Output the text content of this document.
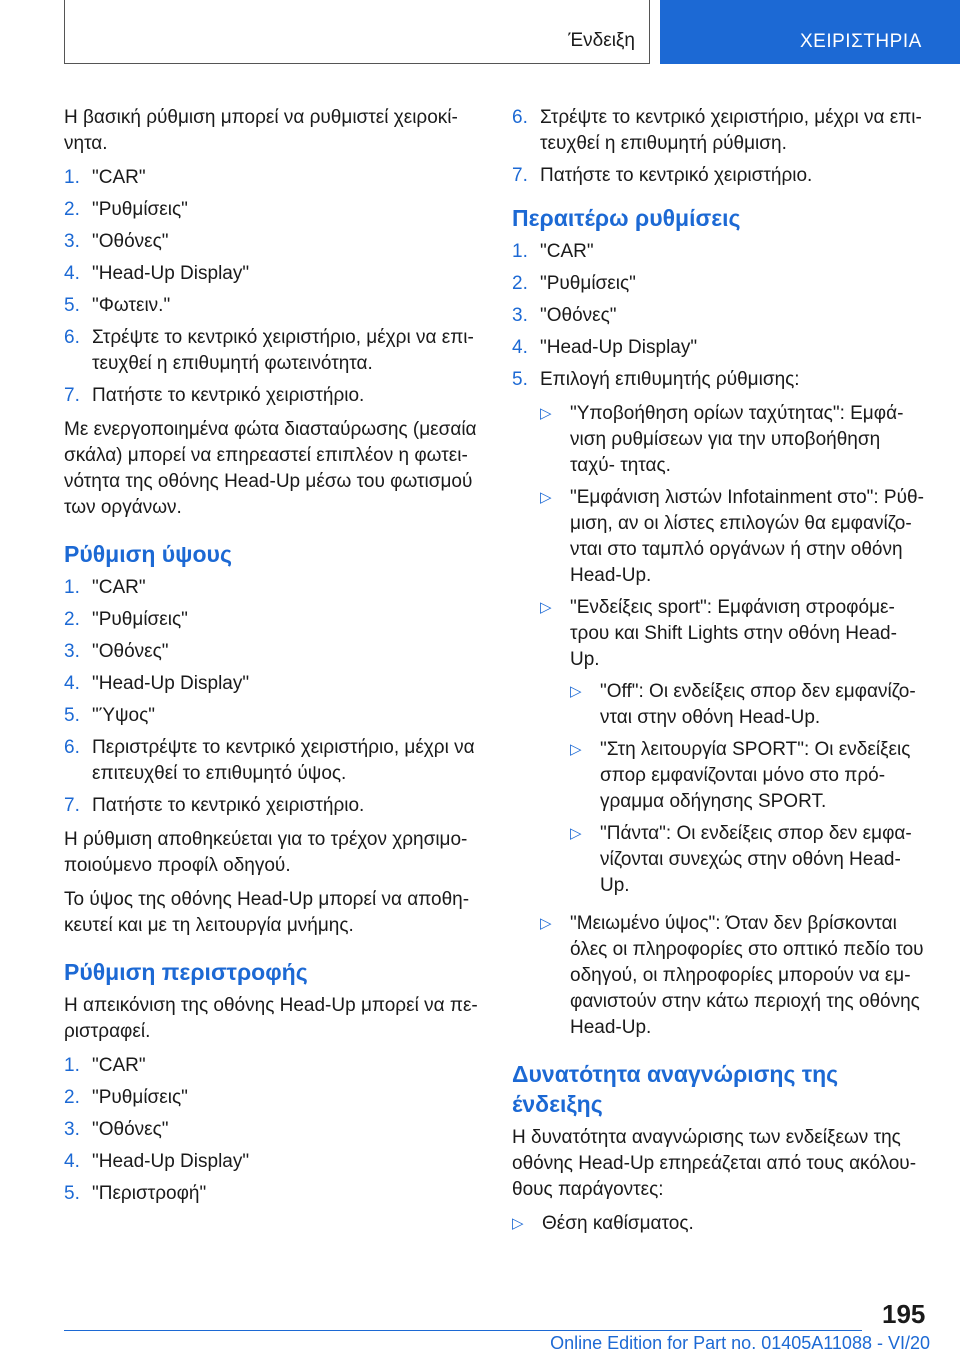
Ένδειξη	ΧΕΙΡΙΣΤΗΡΙΑ

Η βασική ρύθμιση μπορεί να ρυθμιστεί χειροκί‐ νητα.

1. "CAR"
2. "Ρυθμίσεις"
3. "Οθόνες"
4. "Head-Up Display"
5. "Φωτειν."
6. Στρέψτε το κεντρικό χειριστήριο, μέχρι να επι‐ τευχθεί η επιθυμητή φωτεινότητα.
7. Πατήστε το κεντρικό χειριστήριο.

Με ενεργοποιημένα φώτα διασταύρωσης (μεσαία σκάλα) μπορεί να επηρεαστεί επιπλέον η φωτει‐ νότητα της οθόνης Head-Up μέσω του φωτισμού των οργάνων.

Ρύθμιση ύψους
1. "CAR"
2. "Ρυθμίσεις"
3. "Οθόνες"
4. "Head-Up Display"
5. "Ύψος"
6. Περιστρέψτε το κεντρικό χειριστήριο, μέχρι να επιτευχθεί το επιθυμητό ύψος.
7. Πατήστε το κεντρικό χειριστήριο.

Η ρύθμιση αποθηκεύεται για το τρέχον χρησιμο‐ ποιούμενο προφίλ οδηγού.

Το ύψος της οθόνης Head-Up μπορεί να αποθη‐ κευτεί και με τη λειτουργία μνήμης.

Ρύθμιση περιστροφής

Η απεικόνιση της οθόνης Head-Up μπορεί να πε‐ ριστραφεί.

1. "CAR"
2. "Ρυθμίσεις"
3. "Οθόνες"
4. "Head-Up Display"
5. "Περιστροφή"
6. Στρέψτε το κεντρικό χειριστήριο, μέχρι να επι‐ τευχθεί η επιθυμητή ρύθμιση.
7. Πατήστε το κεντρικό χειριστήριο.
Περαιτέρω ρυθμίσεις
1. "CAR"
2. "Ρυθμίσεις"
3. "Οθόνες"
4. "Head-Up Display"
5. Επιλογή επιθυμητής ρύθμισης:
▷ "Υποβοήθηση ορίων ταχύτητας": Εμφά‐ νιση ρυθμίσεων για την υποβοήθηση ταχύ‐ τητας.
▷ "Εμφάνιση λιστών Infotainment στο": Ρύθ‐ μιση, αν οι λίστες επιλογών θα εμφανίζο‐ νται στο ταμπλό οργάνων ή στην οθόνη Head-Up.
▷ "Ενδείξεις sport": Εμφάνιση στροφόμε‐ τρου και Shift Lights στην οθόνη Head- Up.
▷ "Off": Οι ενδείξεις σπορ δεν εμφανίζο‐ νται στην οθόνη Head-Up.
▷ "Στη λειτουργία SPORT": Οι ενδείξεις σπορ εμφανίζονται μόνο στο πρό‐ γραμμα οδήγησης SPORT.
▷ "Πάντα": Οι ενδείξεις σπορ δεν εμφα‐ νίζονται συνεχώς στην οθόνη Head- Up.
▷ "Μειωμένο ύψος": Όταν δεν βρίσκονται όλες οι πληροφορίες στο οπτικό πεδίο του οδηγού, οι πληροφορίες μπορούν να εμ‐ φανιστούν στην κάτω περιοχή της οθόνης Head-Up.
Δυνατότητα αναγνώρισης της ένδειξης

Η δυνατότητα αναγνώρισης των ενδείξεων της οθόνης Head-Up επηρεάζεται από τους ακόλου‐ θους παράγοντες:

▷ Θέση καθίσματος.
195
Online Edition for Part no. 01405A11088 - VI/20
